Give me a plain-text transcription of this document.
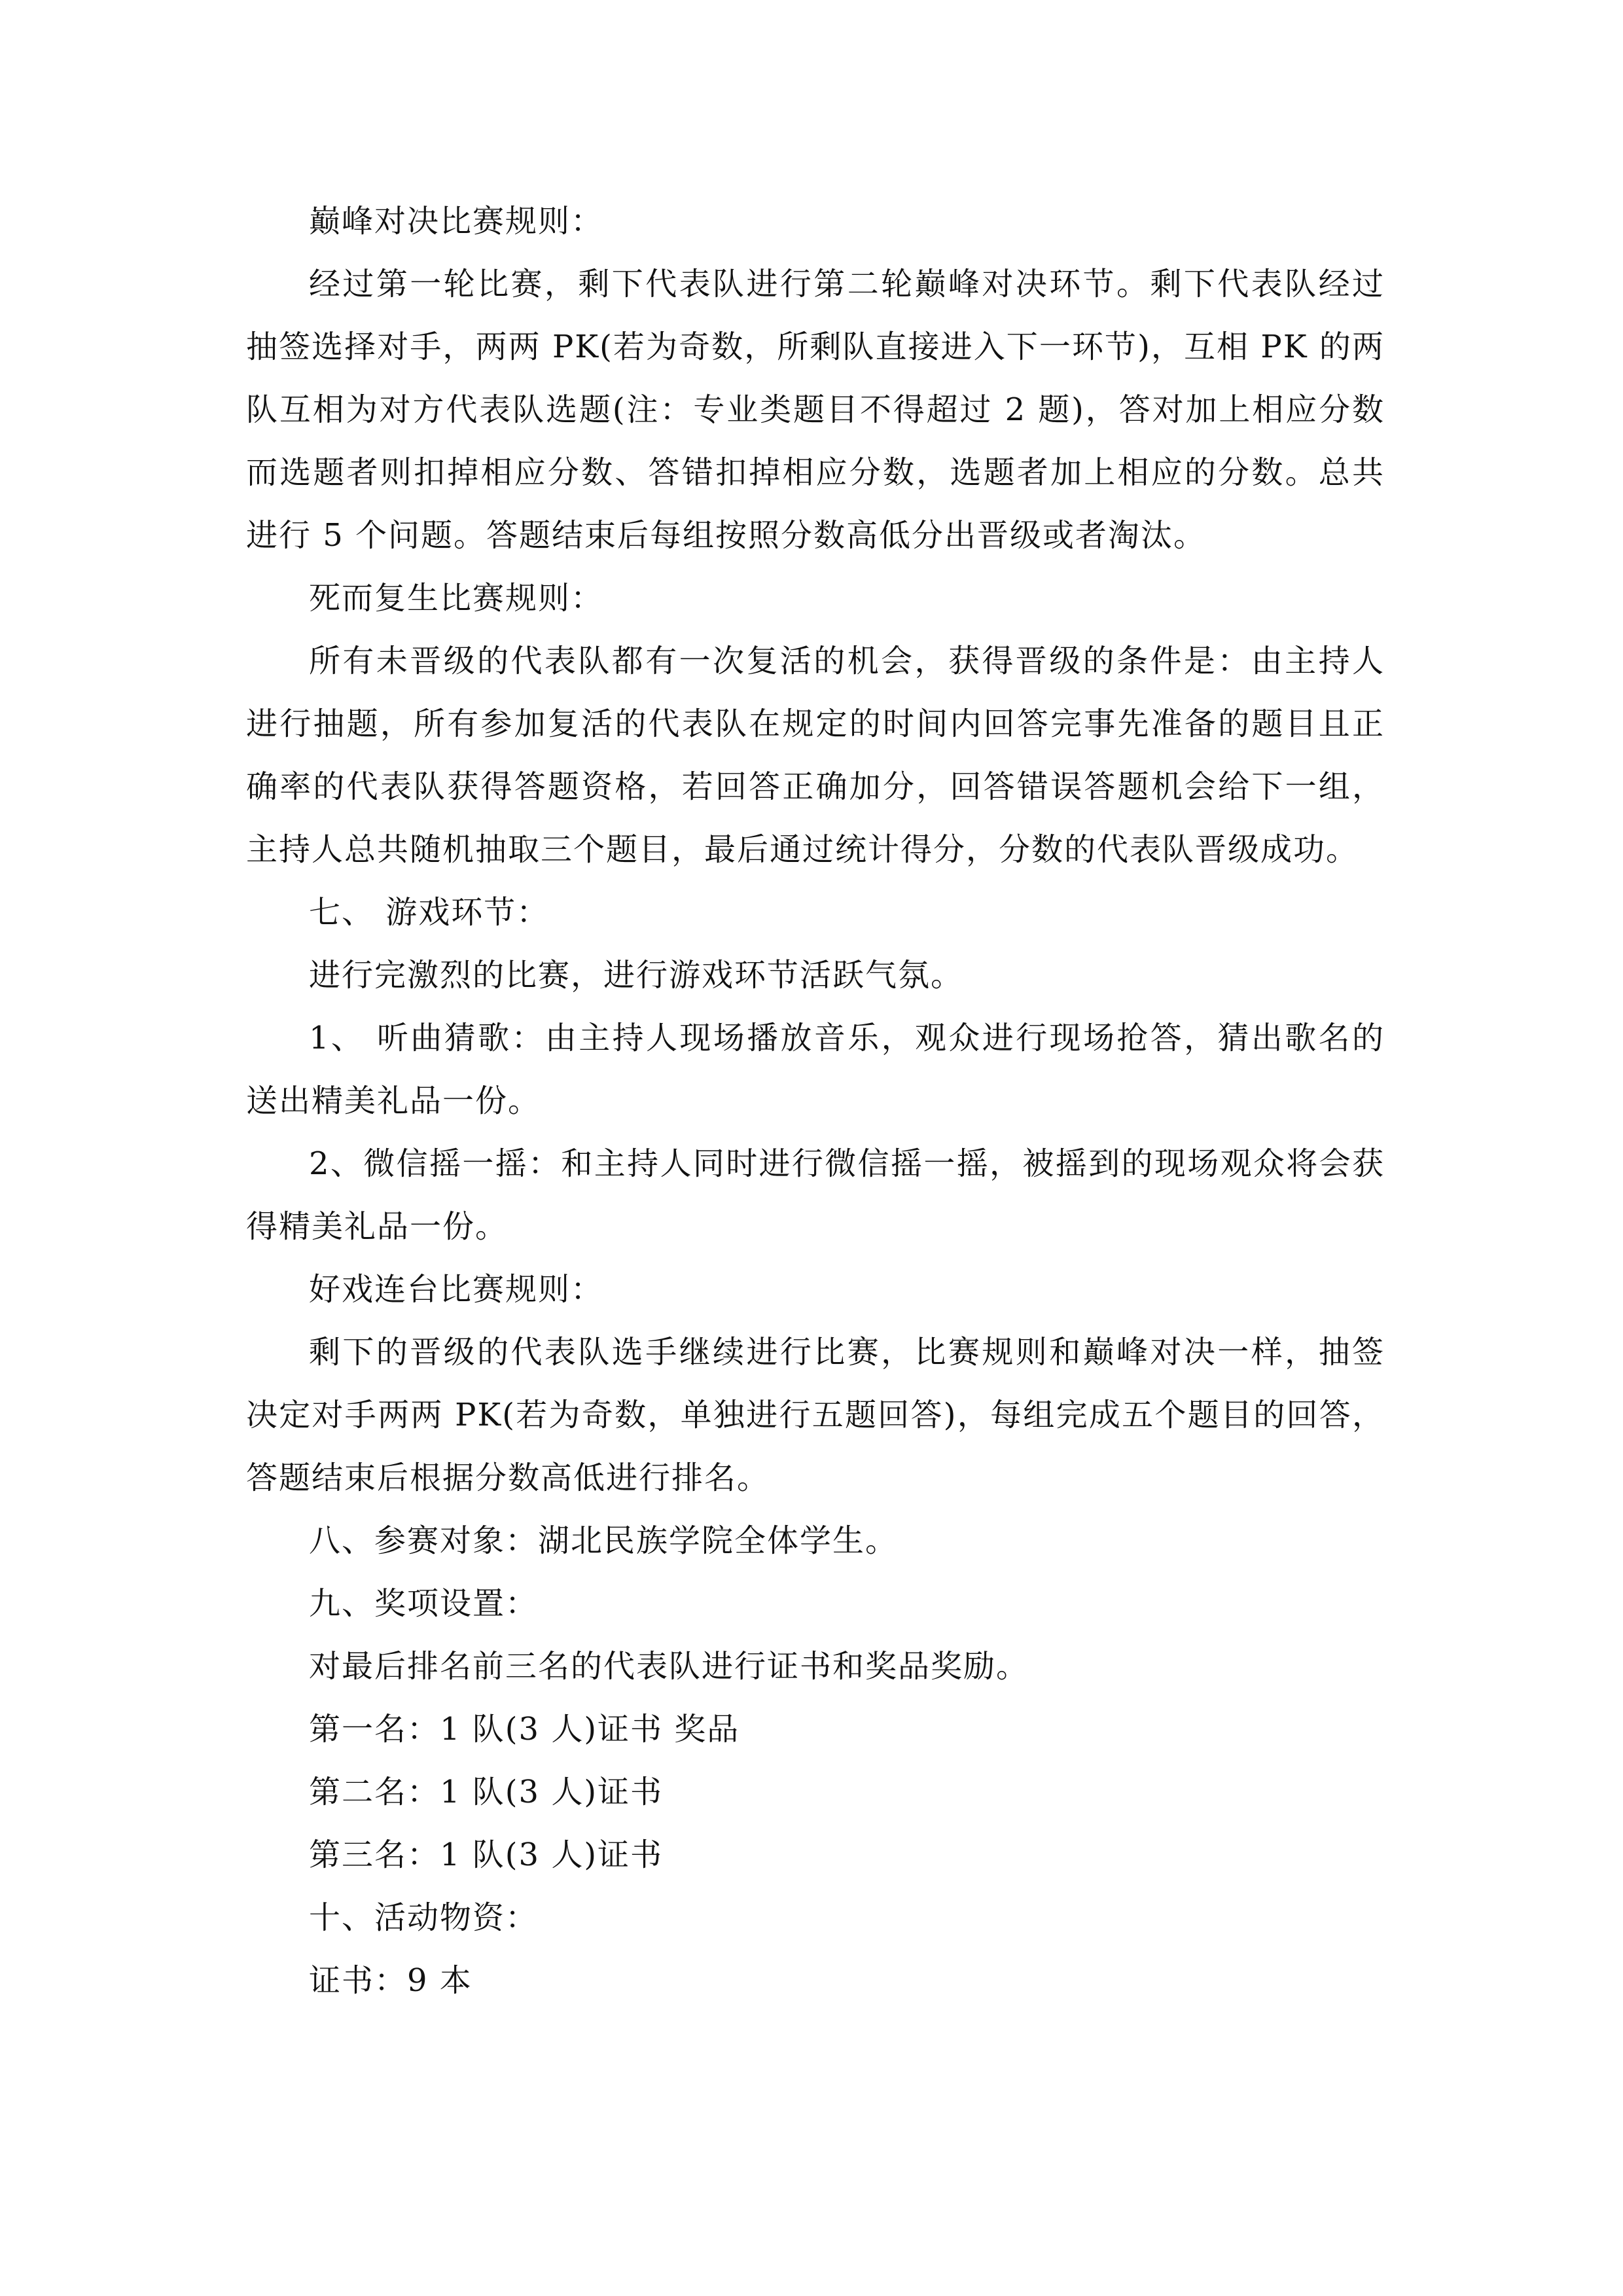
巅峰对决比赛规则：

经过第一轮比赛，剩下代表队进行第二轮巅峰对决环节。剩下代表队经过抽签选择对手，两两 PK(若为奇数，所剩队直接进入下一环节)，互相 PK 的两队互相为对方代表队选题(注：专业类题目不得超过 2 题)，答对加上相应分数而选题者则扣掉相应分数、答错扣掉相应分数，选题者加上相应的分数。总共进行 5 个问题。答题结束后每组按照分数高低分出晋级或者淘汰。

死而复生比赛规则：

所有未晋级的代表队都有一次复活的机会，获得晋级的条件是：由主持人进行抽题，所有参加复活的代表队在规定的时间内回答完事先准备的题目且正确率的代表队获得答题资格，若回答正确加分，回答错误答题机会给下一组，主持人总共随机抽取三个题目，最后通过统计得分，分数的代表队晋级成功。

七、 游戏环节：

进行完激烈的比赛，进行游戏环节活跃气氛。

1、 听曲猜歌：由主持人现场播放音乐，观众进行现场抢答，猜出歌名的送出精美礼品一份。

2、微信摇一摇：和主持人同时进行微信摇一摇，被摇到的现场观众将会获得精美礼品一份。

好戏连台比赛规则：

剩下的晋级的代表队选手继续进行比赛，比赛规则和巅峰对决一样，抽签决定对手两两 PK(若为奇数，单独进行五题回答)，每组完成五个题目的回答，答题结束后根据分数高低进行排名。

八、参赛对象：湖北民族学院全体学生。

九、奖项设置：

对最后排名前三名的代表队进行证书和奖品奖励。

第一名：1 队(3 人)证书 奖品

第二名：1 队(3 人)证书

第三名：1 队(3 人)证书

十、活动物资：

证书：9 本
